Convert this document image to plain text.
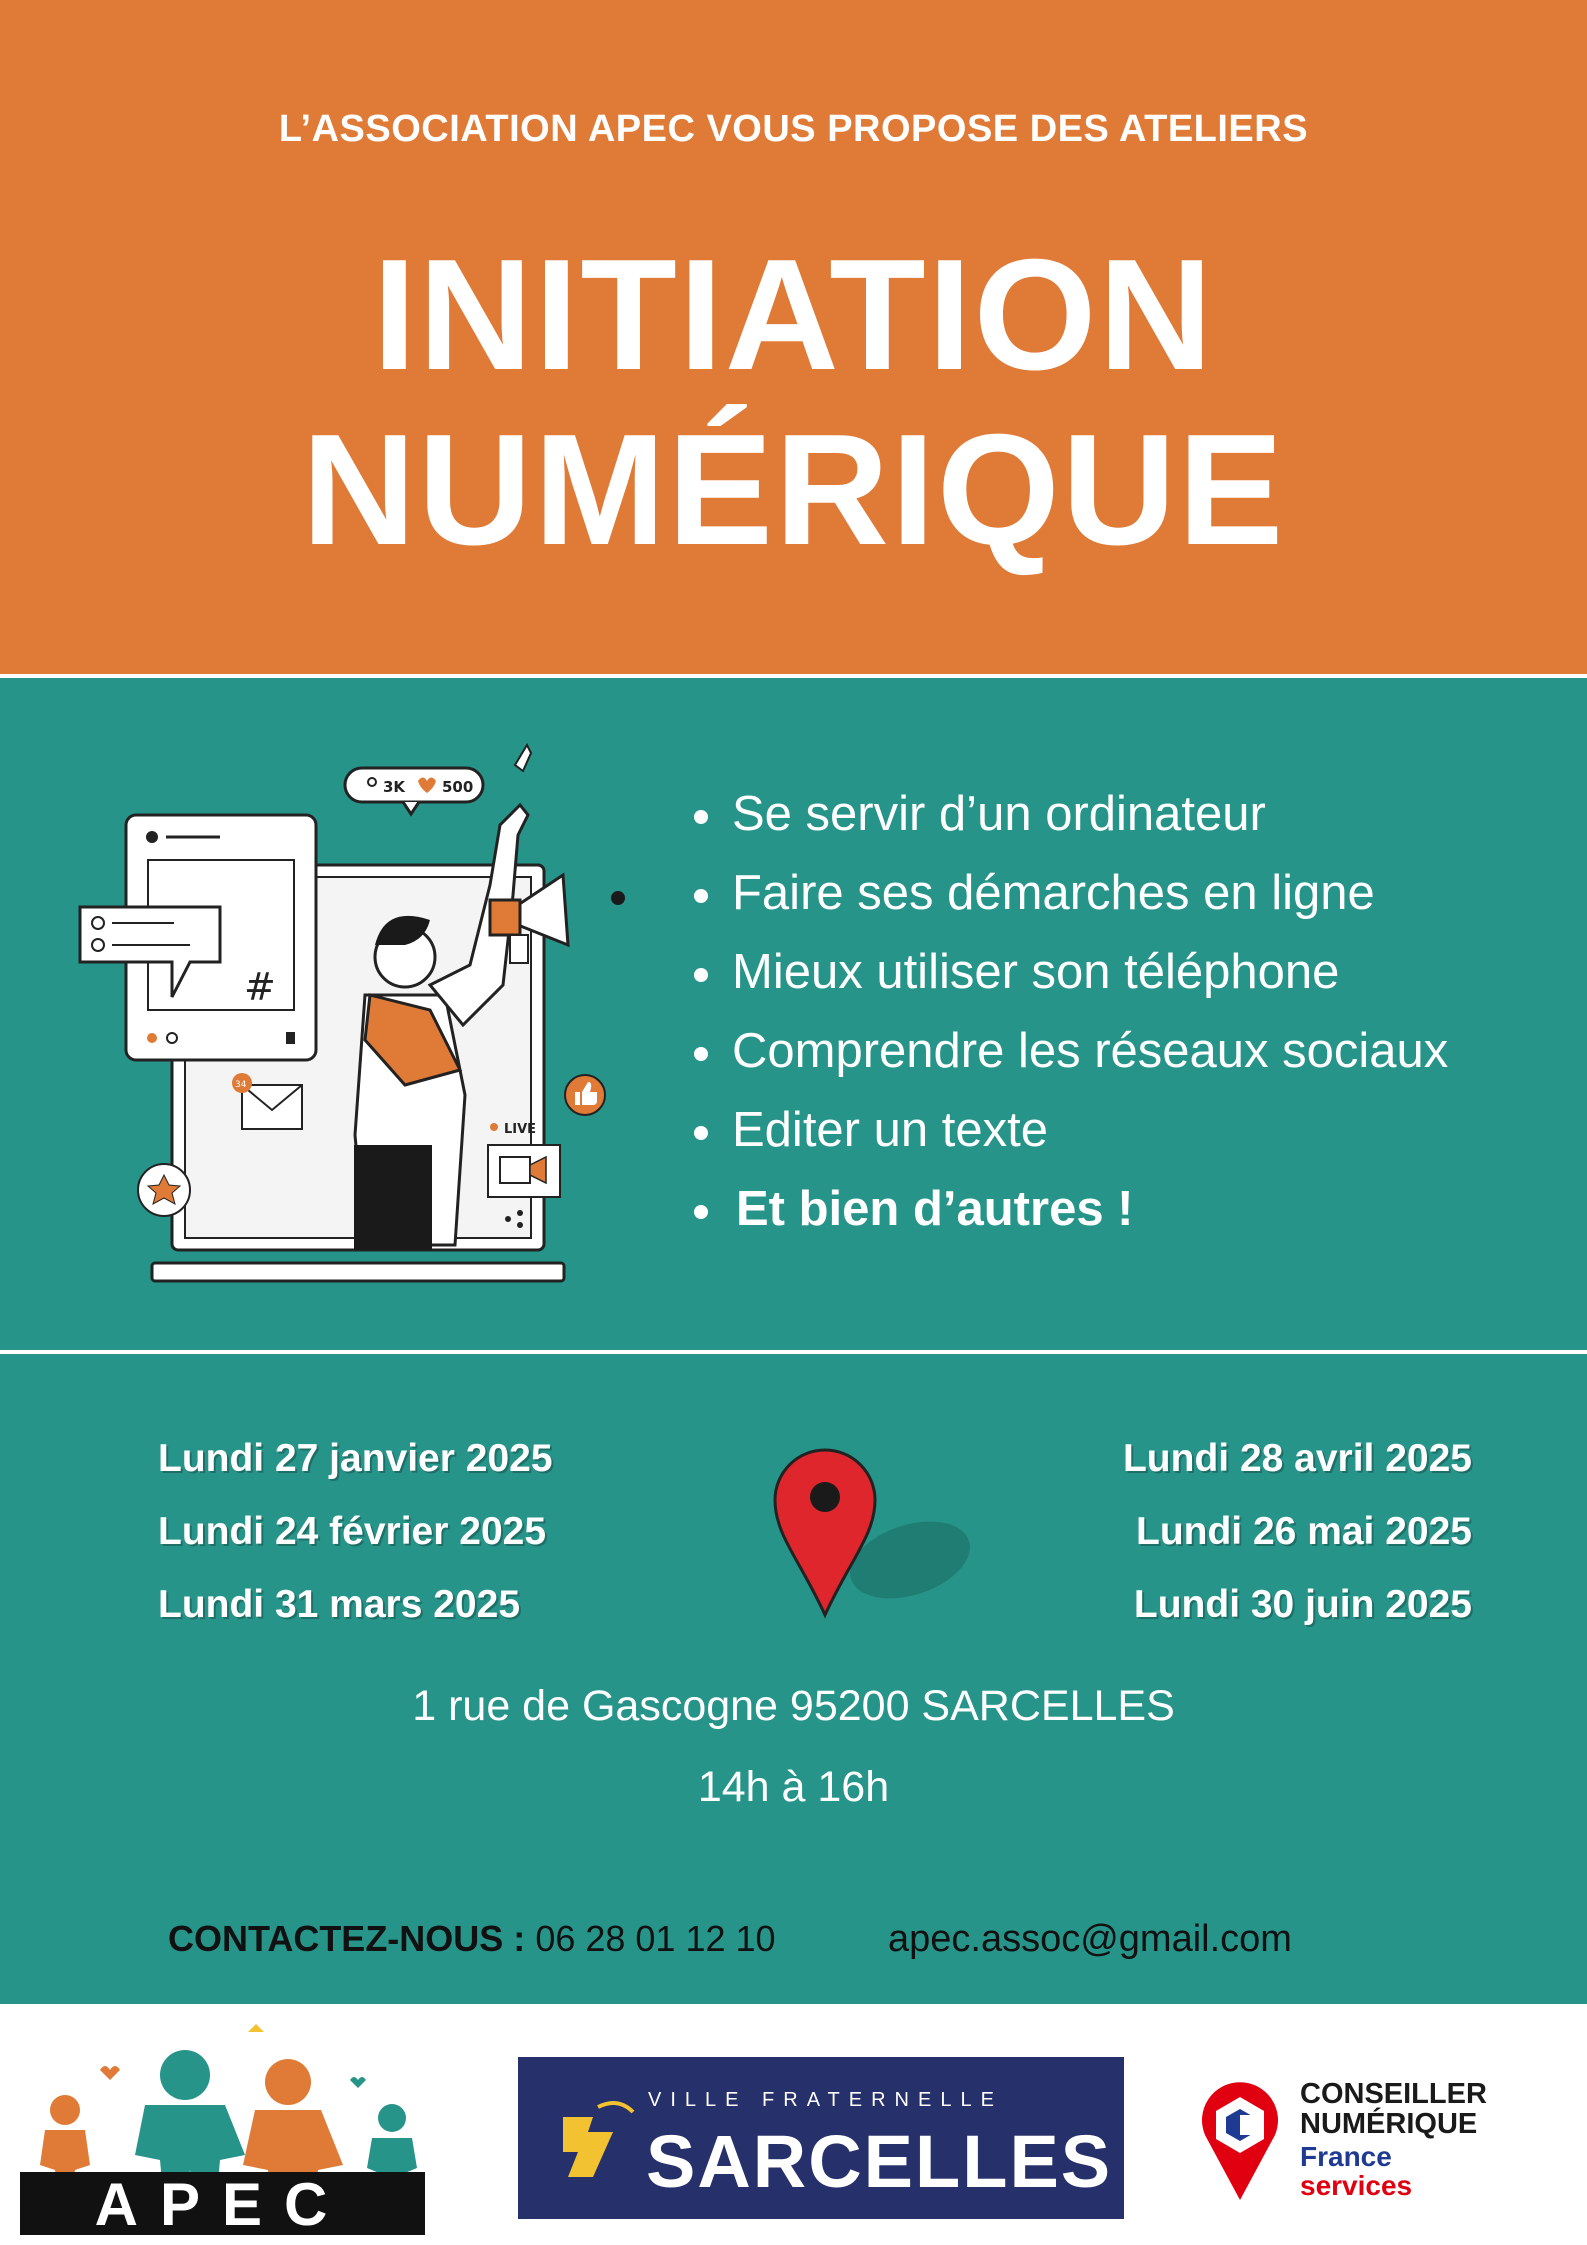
L’ASSOCIATION APEC VOUS PROPOSE DES ATELIERS
INITIATION
NUMÉRIQUE
#
3K 500
34
LIVE
Se servir d’un ordinateur
Faire ses démarches en ligne
Mieux utiliser son téléphone
Comprendre les réseaux sociaux
Editer un texte
Et bien d’autres !
Lundi 27 janvier 2025
Lundi 24 février 2025
Lundi 31 mars 2025
Lundi 28 avril 2025
Lundi 26 mai 2025
Lundi 30 juin 2025
1 rue de Gascogne 95200 SARCELLES
14h à 16h
CONTACTEZ-NOUS : 06 28 01 12 10	apec.assoc@gmail.com
APEC
VILLE FRATERNELLE
SARCELLES
CONSEILLER
NUMÉRIQUE
France
services
